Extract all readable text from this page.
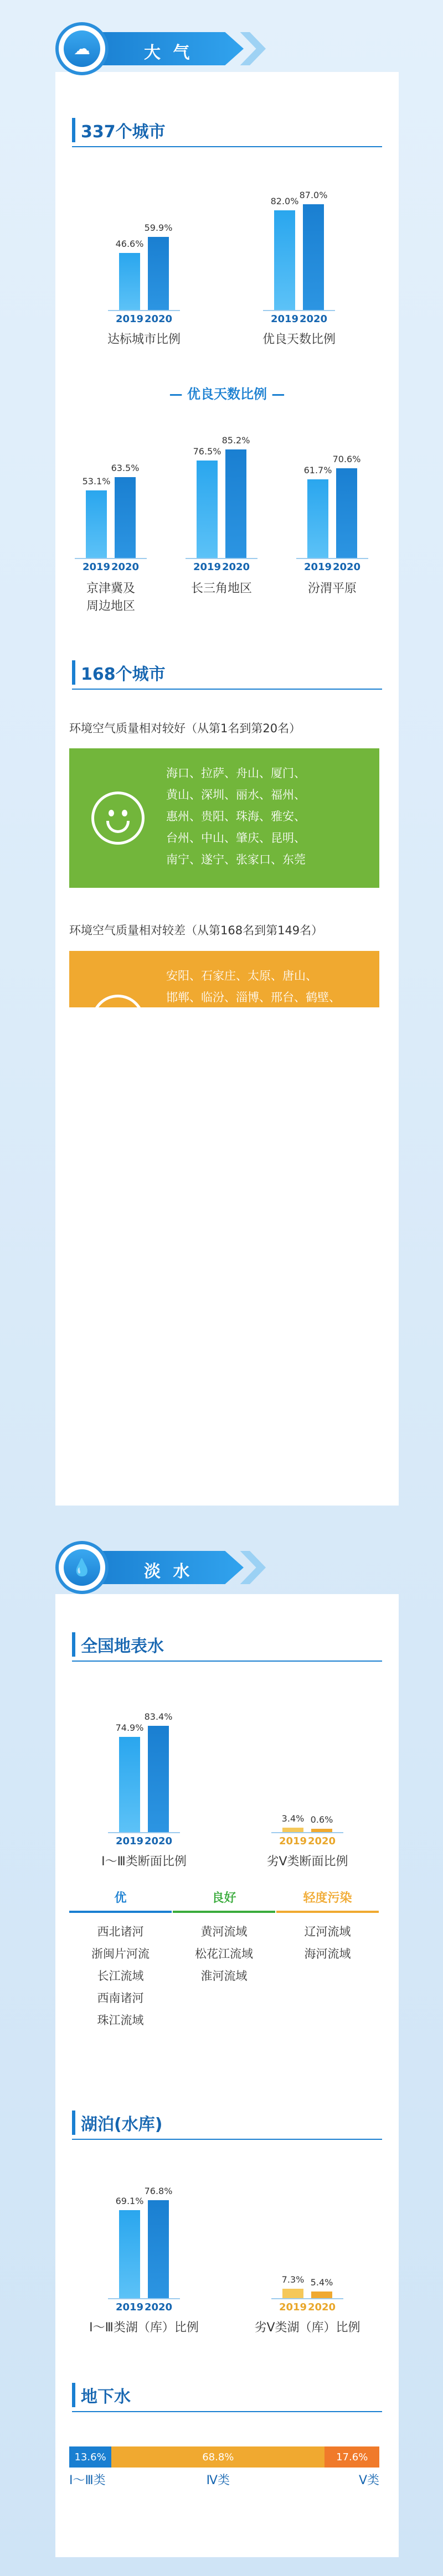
☁	大 气
337个城市
— 优良天数比例 —
168个城市
环境空气质量相对较好（从第1名到第20名）
海口、拉萨、舟山、厦门、
黄山、深圳、丽水、福州、
惠州、贵阳、珠海、雅安、
台州、中山、肇庆、昆明、
南宁、遂宁、张家口、东莞
环境空气质量相对较差（从第168名到第149名）
安阳、石家庄、太原、唐山、
邯郸、临汾、淄博、邢台、鹤壁、
💧	淡 水
全国地表水
湖泊(水库)
地下水
46.6%
59.9%
2019 2020
达标城市比例
82.0%
87.0%
2019 2020
优良天数比例
53.1%
63.5%
2019 2020
京津冀及
周边地区
76.5%
85.2%
2019 2020
长三角地区
61.7%
70.6%
2019 2020
汾渭平原
74.9%
83.4%
2019 2020
Ⅰ～Ⅲ类断面比例
3.4% 0.6%
2019 2020
劣Ⅴ类断面比例
优
西北诸河
浙闽片河流
长江流域
西南诸河
珠江流域
良好
黄河流域
松花江流域
淮河流域
轻度污染
辽河流域
海河流域
69.1%
76.8%
2019 2020
Ⅰ～Ⅲ类湖（库）比例
7.3% 5.4%
2019 2020
劣Ⅴ类湖（库）比例
13.6%
Ⅰ～Ⅲ类
68.8%
Ⅳ类
17.6%
Ⅴ类
